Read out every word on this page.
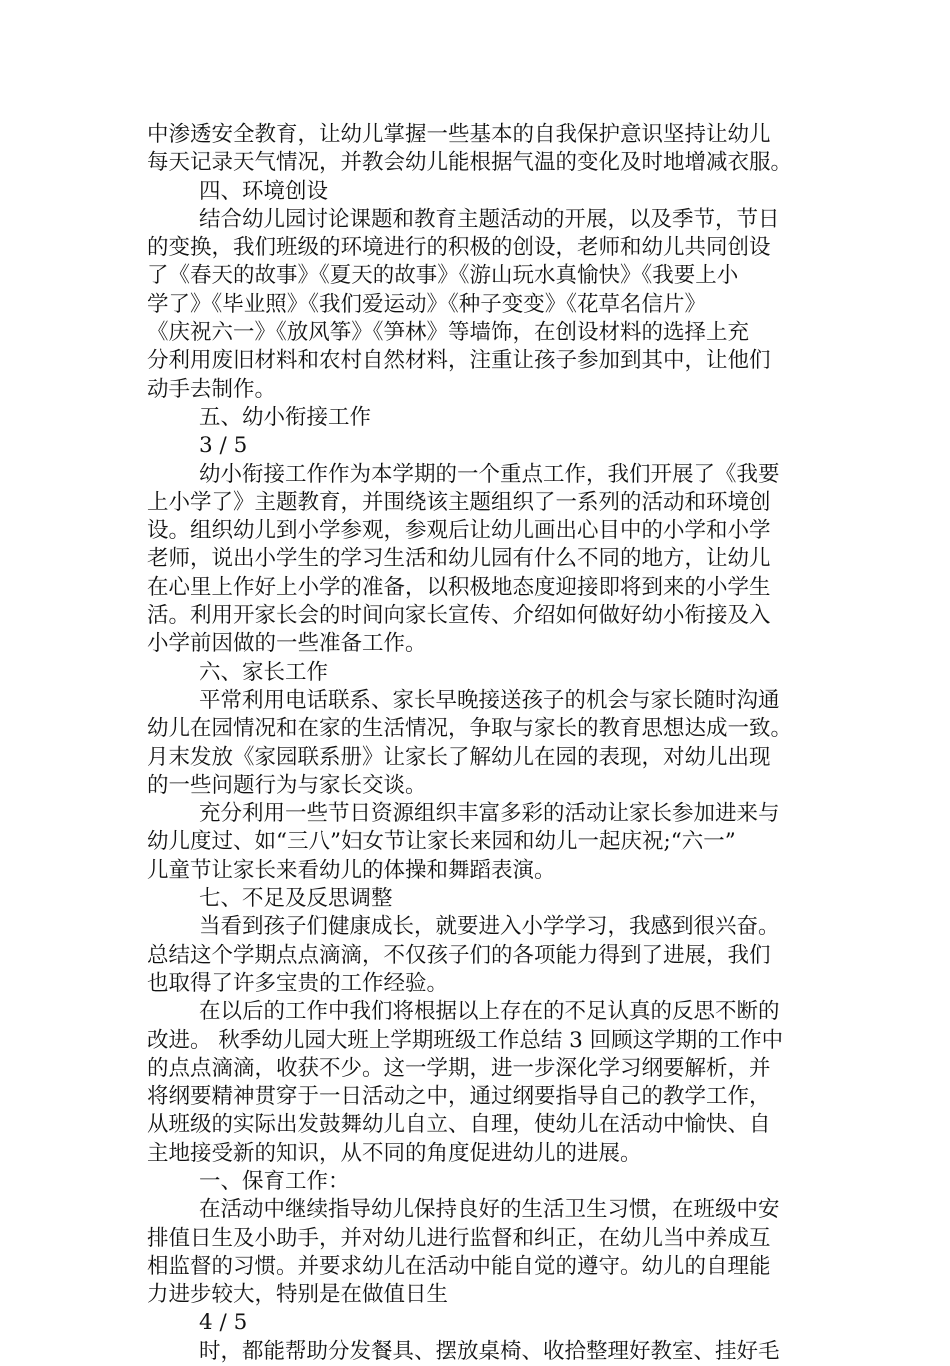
中渗透安全教育，让幼儿掌握一些基本的自我保护意识坚持让幼儿
每天记录天气情况，并教会幼儿能根据气温的变化及时地增减衣服。
四、环境创设
结合幼儿园讨论课题和教育主题活动的开展，以及季节，节日
的变换，我们班级的环境进行的积极的创设，老师和幼儿共同创设
了《春天的故事》《夏天的故事》《游山玩水真愉快》《我要上小
学了》《毕业照》《我们爱运动》《种子变变》《花草名信片》
《庆祝六一》《放风筝》《笋林》等墙饰，在创设材料的选择上充
分利用废旧材料和农村自然材料，注重让孩子参加到其中，让他们
动手去制作。
五、幼小衔接工作
3 / 5
幼小衔接工作作为本学期的一个重点工作，我们开展了《我要
上小学了》主题教育，并围绕该主题组织了一系列的活动和环境创
设。组织幼儿到小学参观，参观后让幼儿画出心目中的小学和小学
老师，说出小学生的学习生活和幼儿园有什么不同的地方，让幼儿
在心里上作好上小学的准备，以积极地态度迎接即将到来的小学生
活。利用开家长会的时间向家长宣传、介绍如何做好幼小衔接及入
小学前因做的一些准备工作。
六、家长工作
平常利用电话联系、家长早晚接送孩子的机会与家长随时沟通
幼儿在园情况和在家的生活情况，争取与家长的教育思想达成一致。
月末发放《家园联系册》让家长了解幼儿在园的表现，对幼儿出现
的一些问题行为与家长交谈。
充分利用一些节日资源组织丰富多彩的活动让家长参加进来与
幼儿度过、如“三八”妇女节让家长来园和幼儿一起庆祝;“六一”
儿童节让家长来看幼儿的体操和舞蹈表演。
七、不足及反思调整
当看到孩子们健康成长，就要进入小学学习，我感到很兴奋。
总结这个学期点点滴滴，不仅孩子们的各项能力得到了进展，我们
也取得了许多宝贵的工作经验。
在以后的工作中我们将根据以上存在的不足认真的反思不断的
改进。 秋季幼儿园大班上学期班级工作总结 3 回顾这学期的工作中
的点点滴滴，收获不少。这一学期，进一步深化学习纲要解析，并
将纲要精神贯穿于一日活动之中，通过纲要指导自己的教学工作，
从班级的实际出发鼓舞幼儿自立、自理，使幼儿在活动中愉快、自
主地接受新的知识，从不同的角度促进幼儿的进展。
一、保育工作：
在活动中继续指导幼儿保持良好的生活卫生习惯，在班级中安
排值日生及小助手，并对幼儿进行监督和纠正，在幼儿当中养成互
相监督的习惯。并要求幼儿在活动中能自觉的遵守。幼儿的自理能
力进步较大，特别是在做值日生
4 / 5
时，都能帮助分发餐具、摆放桌椅、收拾整理好教室、挂好毛
